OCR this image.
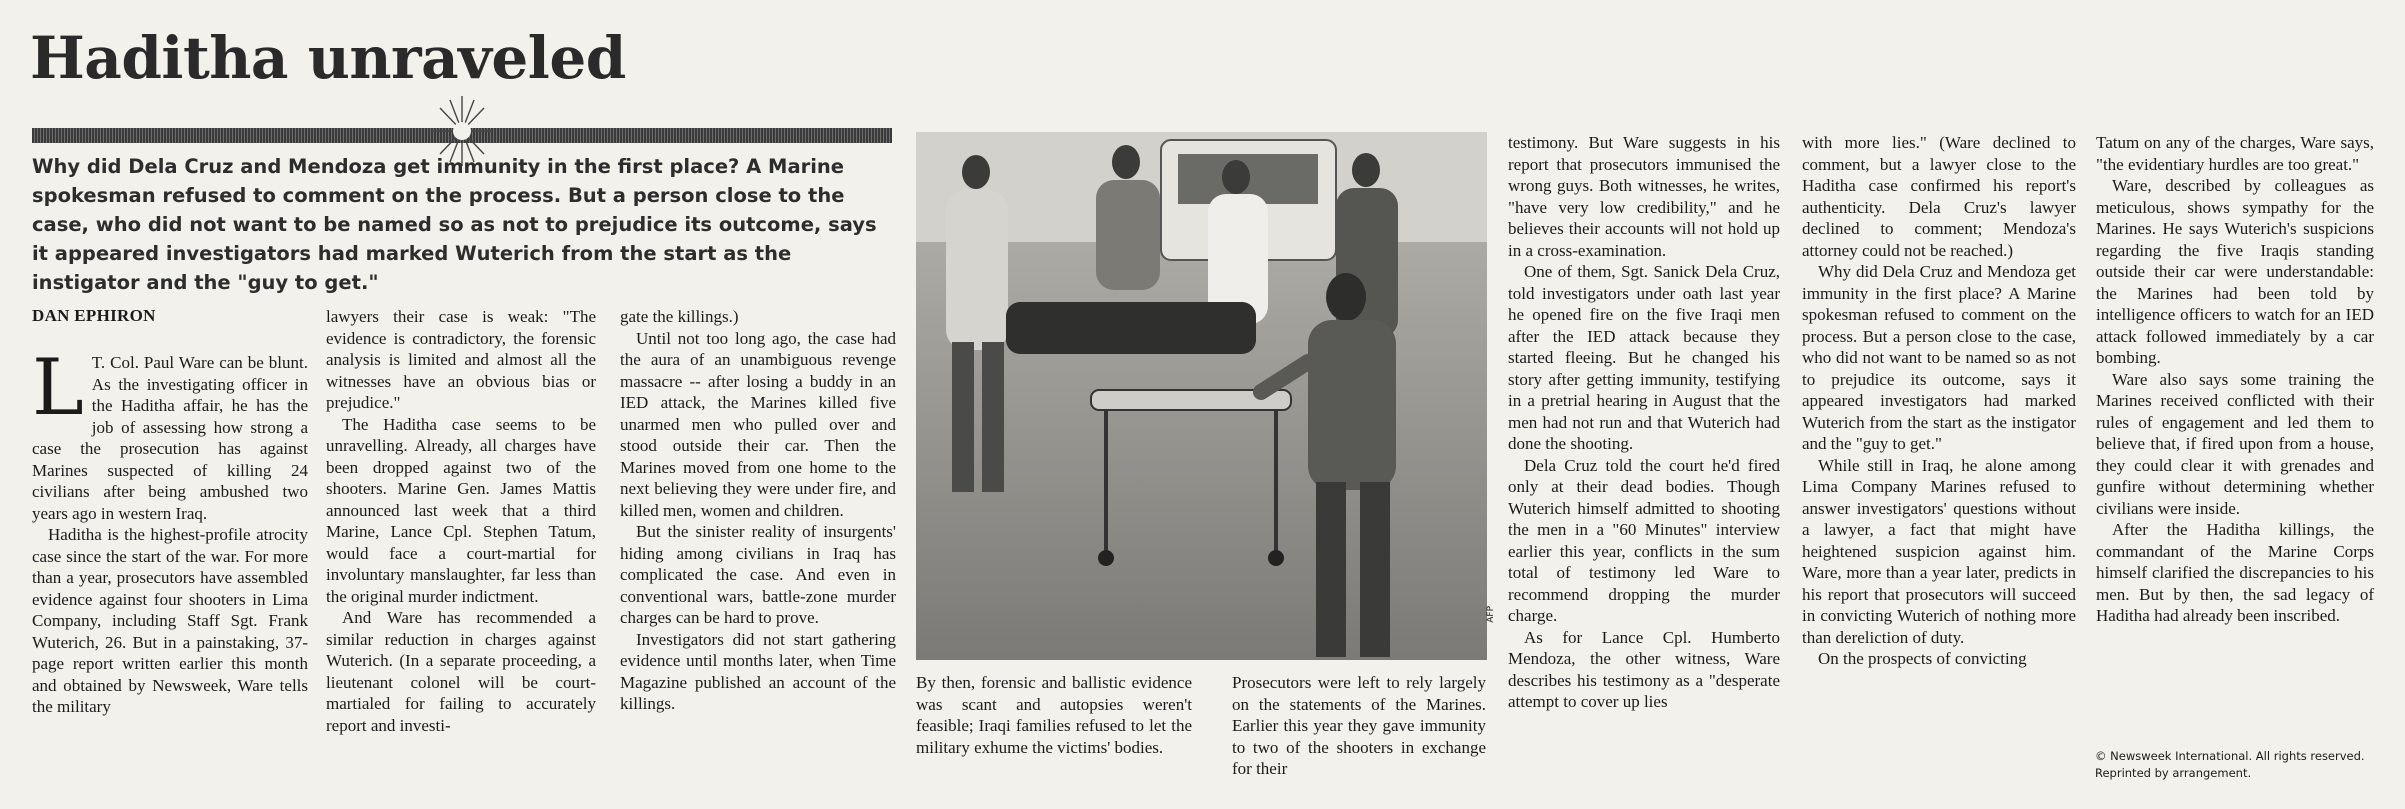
Haditha unraveled

Why did Dela Cruz and Mendoza get immunity in the first place? A Marine spokesman refused to comment on the process. But a person close to the case, who did not want to be named so as not to prejudice its outcome, says it appeared investigators had marked Wuterich from the start as the instigator and the "guy to get."

DAN EPHIRON

L T. Col. Paul Ware can be blunt. As the investigating officer in the Haditha affair, he has the job of assessing how strong a case the prosecution has against Marines suspected of killing 24 civilians after being ambushed two years ago in western Iraq.

Haditha is the highest-profile atrocity case since the start of the war. For more than a year, prosecutors have assembled evidence against four shooters in Lima Company, including Staff Sgt. Frank Wuterich, 26. But in a painstaking, 37-page report written earlier this month and obtained by Newsweek, Ware tells the military

lawyers their case is weak: "The evidence is contradictory, the forensic analysis is limited and almost all the witnesses have an obvious bias or prejudice."

The Haditha case seems to be unravelling. Already, all charges have been dropped against two of the shooters. Marine Gen. James Mattis announced last week that a third Marine, Lance Cpl. Stephen Tatum, would face a court-martial for involuntary manslaughter, far less than the original murder indictment.

And Ware has recommended a similar reduction in charges against Wuterich. (In a separate proceeding, a lieutenant colonel will be court-martialed for failing to accurately report and investi-

gate the killings.)

Until not too long ago, the case had the aura of an unambiguous revenge massacre -- after losing a buddy in an IED attack, the Marines killed five unarmed men who pulled over and stood outside their car. Then the Marines moved from one home to the next believing they were under fire, and killed men, women and children.

But the sinister reality of insurgents' hiding among civilians in Iraq has complicated the case. And even in conventional wars, battle-zone murder charges can be hard to prove.

Investigators did not start gathering evidence until months later, when Time Magazine published an account of the killings.

AFP

By then, forensic and ballistic evidence was scant and autopsies weren't feasible; Iraqi families refused to let the military exhume the victims' bodies.

Prosecutors were left to rely largely on the statements of the Marines. Earlier this year they gave immunity to two of the shooters in exchange for their

testimony. But Ware suggests in his report that prosecutors immunised the wrong guys. Both witnesses, he writes, "have very low credibility," and he believes their accounts will not hold up in a cross-examination.

One of them, Sgt. Sanick Dela Cruz, told investigators under oath last year he opened fire on the five Iraqi men after the IED attack because they started fleeing. But he changed his story after getting immunity, testifying in a pretrial hearing in August that the men had not run and that Wuterich had done the shooting.

Dela Cruz told the court he'd fired only at their dead bodies. Though Wuterich himself admitted to shooting the men in a "60 Minutes" interview earlier this year, conflicts in the sum total of testimony led Ware to recommend dropping the murder charge.

As for Lance Cpl. Humberto Mendoza, the other witness, Ware describes his testimony as a "desperate attempt to cover up lies

with more lies." (Ware declined to comment, but a lawyer close to the Haditha case confirmed his report's authenticity. Dela Cruz's lawyer declined to comment; Mendoza's attorney could not be reached.)

Why did Dela Cruz and Mendoza get immunity in the first place? A Marine spokesman refused to comment on the process. But a person close to the case, who did not want to be named so as not to prejudice its outcome, says it appeared investigators had marked Wuterich from the start as the instigator and the "guy to get."

While still in Iraq, he alone among Lima Company Marines refused to answer investigators' questions without a lawyer, a fact that might have heightened suspicion against him. Ware, more than a year later, predicts in his report that prosecutors will succeed in convicting Wuterich of nothing more than dereliction of duty.

On the prospects of convicting

Tatum on any of the charges, Ware says, "the evidentiary hurdles are too great."

Ware, described by colleagues as meticulous, shows sympathy for the Marines. He says Wuterich's suspicions regarding the five Iraqis standing outside their car were understandable: the Marines had been told by intelligence officers to watch for an IED attack followed immediately by a car bombing.

Ware also says some training the Marines received conflicted with their rules of engagement and led them to believe that, if fired upon from a house, they could clear it with grenades and gunfire without determining whether civilians were inside.

After the Haditha killings, the commandant of the Marine Corps himself clarified the discrepancies to his men. But by then, the sad legacy of Haditha had already been inscribed.

© Newsweek International. All rights reserved.
Reprinted by arrangement.
